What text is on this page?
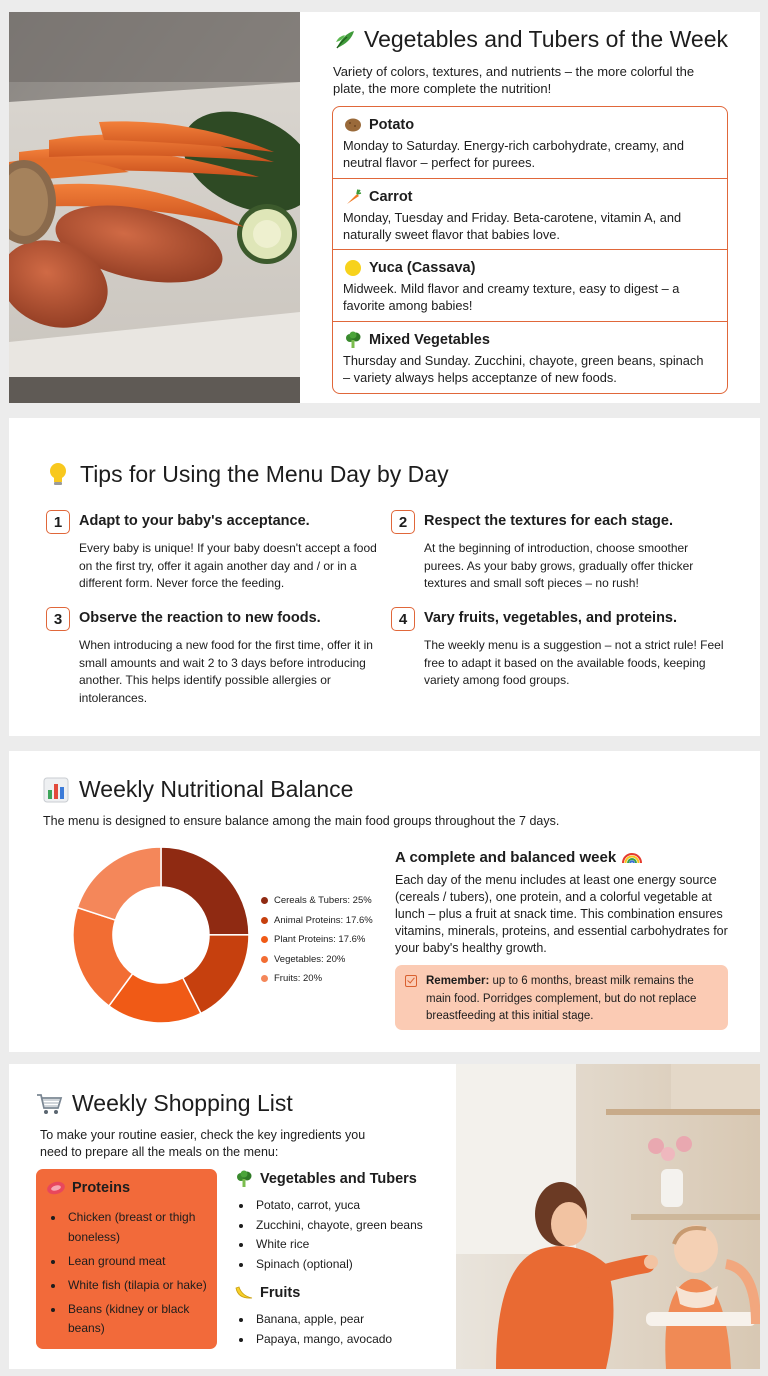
Vegetables and Tubers of the Week
Variety of colors, textures, and nutrients – the more colorful the plate, the more complete the nutrition!
Potato
Monday to Saturday. Energy-rich carbohydrate, creamy, and neutral flavor – perfect for purees.
Carrot
Monday, Tuesday and Friday. Beta-carotene, vitamin A, and naturally sweet flavor that babies love.
Yuca (Cassava)
Midweek. Mild flavor and creamy texture, easy to digest – a favorite among babies!
Mixed Vegetables
Thursday and Sunday. Zucchini, chayote, green beans, spinach – variety always helps acceptanze of new foods.
Tips for Using the Menu Day by Day
1	Adapt to your baby's acceptance.
Every baby is unique! If your baby doesn't accept a food on the first try, offer it again another day and / or in a different form. Never force the feeding.
2	Respect the textures for each stage.
At the beginning of introduction, choose smoother purees. As your baby grows, gradually offer thicker textures and small soft pieces – no rush!
3	Observe the reaction to new foods.
When introducing a new food for the first time, offer it in small amounts and wait 2 to 3 days before introducing another. This helps identify possible allergies or intolerances.
4	Vary fruits, vegetables, and proteins.
The weekly menu is a suggestion – not a strict rule! Feel free to adapt it based on the available foods, keeping variety among food groups.
Weekly Nutritional Balance
The menu is designed to ensure balance among the main food groups throughout the 7 days.
Cereals & Tubers: 25%
Animal Proteins: 17.6%
Plant Proteins: 17.6%
Vegetables: 20%
Fruits: 20%
A complete and balanced week
Each day of the menu includes at least one energy source (cereals / tubers), one protein, and a colorful vegetable at lunch – plus a fruit at snack time. This combination ensures vitamins, minerals, proteins, and essential carbohydrates for your baby's healthy growth.
Remember: up to 6 months, breast milk remains the main food. Porridges complement, but do not replace breastfeeding at this initial stage.
Weekly Shopping List
To make your routine easier, check the key ingredients you need to prepare all the meals on the menu:
Proteins
Chicken (breast or thigh boneless)
Lean ground meat
White fish (tilapia or hake)
Beans (kidney or black beans)
Vegetables and Tubers
Potato, carrot, yuca
Zucchini, chayote, green beans
White rice
Spinach (optional)
Fruits
Banana, apple, pear
Papaya, mango, avocado
